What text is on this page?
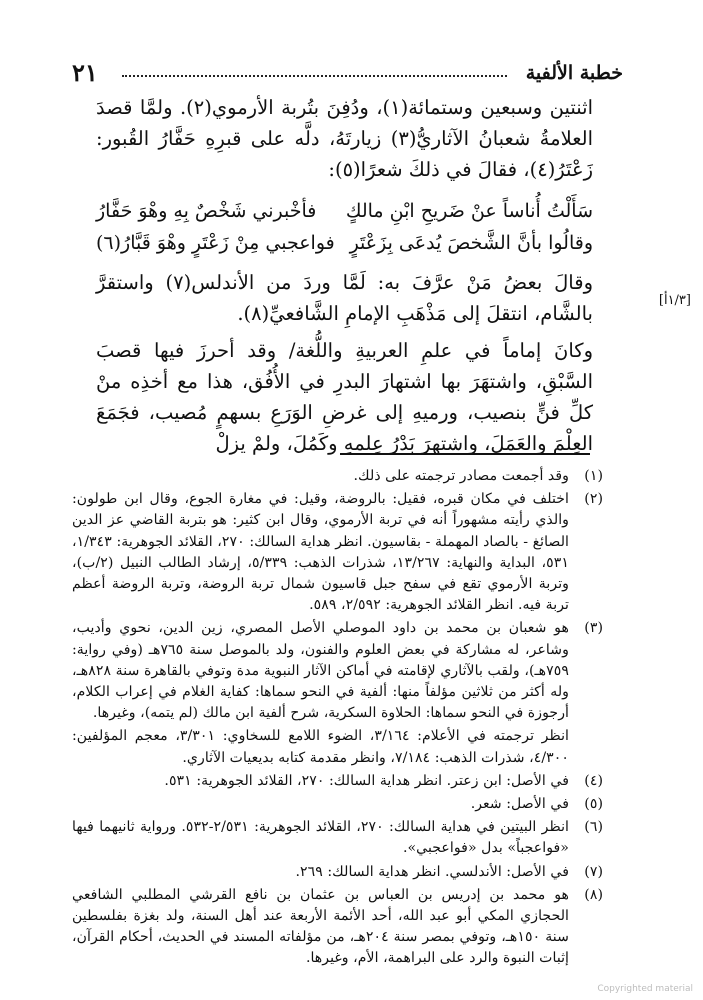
خطبة الألفية
٢١
[١/٣أ]

اثنتين وسبعين وستمائة(١)، ودُفِنَ بتُربة الأرموي(٢). ولمَّا قصدَ العلامةُ شعبانُ الآثاريُّ(٣) زيارتَهُ، دلَّه على قبرِهِ حَفَّارُ القُبور: زَعْتَرُ(٤)، فقالَ في ذلكَ شعرًا(٥):

سَأَلْتُ أُناساً عنْ ضَريحِ ابْنِ مالكٍ
فأخْبرني شَخْصٌ بِهِ وهْوَ حَفَّارُ
وقالُوا بأنَّ الشَّخصَ يُدعَى بِزَعْتَرٍ
فواعجبي مِنْ زَعْتَرٍ وهْوَ قَبَّارُ(٦)

وقالَ بعضُ مَنْ عرَّفَ به: لَمَّا وردَ من الأندلس(٧) واستقرَّ بالشَّام، انتقلَ إلى مَذْهَبِ الإمامِ الشَّافعيِّ(٨).

وكانَ إماماً في علمِ العربيةِ واللُّغة/ وقد أحرزَ فيها قصبَ السَّبْقِ، واشتهَرَ بها اشتهارَ البدرِ في الأُفُق، هذا مع أخذِه منْ كلِّ فنٍّ بنصيب، ورميهِ إلى غرضِ الوَرَعِ بسهمٍ مُصيب، فجَمَعَ العِلْمَ والعَمَلَ، واشتهرَ بَدْرُ عِلمهِ وكَمُلَ، ولمْ يزلْ

(١)
وقد أجمعت مصادر ترجمته على ذلك.
(٢)
اختلف في مكان قبره، فقيل: بالروضة، وقيل: في مغارة الجوع، وقال ابن طولون: والذي رأيته مشهوراً أنه في تربة الأرموي، وقال ابن كثير: هو بتربة القاضي عز الدين الصائغ - بالصاد المهملة - بقاسيون. انظر هداية السالك: ٢٧٠، القلائد الجوهرية: ١/٣٤٣، ٥٣١، البداية والنهاية: ١٣/٢٦٧، شذرات الذهب: ٥/٣٣٩، إرشاد الطالب النبيل (٢/ب)، وتربة الأرموي تقع في سفح جبل قاسيون شمال تربة الروضة، وتربة الروضة أعظم تربة فيه. انظر القلائد الجوهرية: ٢/٥٩٢، ٥٨٩.
(٣)
هو شعبان بن محمد بن داود الموصلي الأصل المصري، زين الدين، نحوي وأديب، وشاعر، له مشاركة في بعض العلوم والفنون، ولد بالموصل سنة ٧٦٥هـ (وفي رواية: ٧٥٩هـ)، ولقب بالآثاري لإقامته في أماكن الآثار النبوية مدة وتوفي بالقاهرة سنة ٨٢٨هـ، وله أكثر من ثلاثين مؤلفاً منها: ألفية في النحو سماها: كفاية الغلام في إعراب الكلام، أرجوزة في النحو سماها: الحلاوة السكرية، شرح ألفية ابن مالك (لم يتمه)، وغيرها.
انظر ترجمته في الأعلام: ٣/١٦٤، الضوء اللامع للسخاوي: ٣/٣٠١، معجم المؤلفين: ٤/٣٠٠، شذرات الذهب: ٧/١٨٤، وانظر مقدمة كتابه بديعيات الآثاري.
(٤)
في الأصل: ابن زعتر. انظر هداية السالك: ٢٧٠، القلائد الجوهرية: ٥٣١.
(٥)
في الأصل: شعر.
(٦)
انظر البيتين في هداية السالك: ٢٧٠، القلائد الجوهرية: ٢/٥٣١-٥٣٢. ورواية ثانيهما فيها «فواعجباً» بدل «فواعجبي».
(٧)
في الأصل: الأندلسي. انظر هداية السالك: ٢٦٩.
(٨)
هو محمد بن إدريس بن العباس بن عثمان بن نافع القرشي المطلبي الشافعي الحجازي المكي أبو عبد الله، أحد الأئمة الأربعة عند أهل السنة، ولد بغزة بفلسطين سنة ١٥٠هـ، وتوفي بمصر سنة ٢٠٤هـ، من مؤلفاته المسند في الحديث، أحكام القرآن، إثبات النبوة والرد على البراهمة، الأم، وغيرها.
Copyrighted material
